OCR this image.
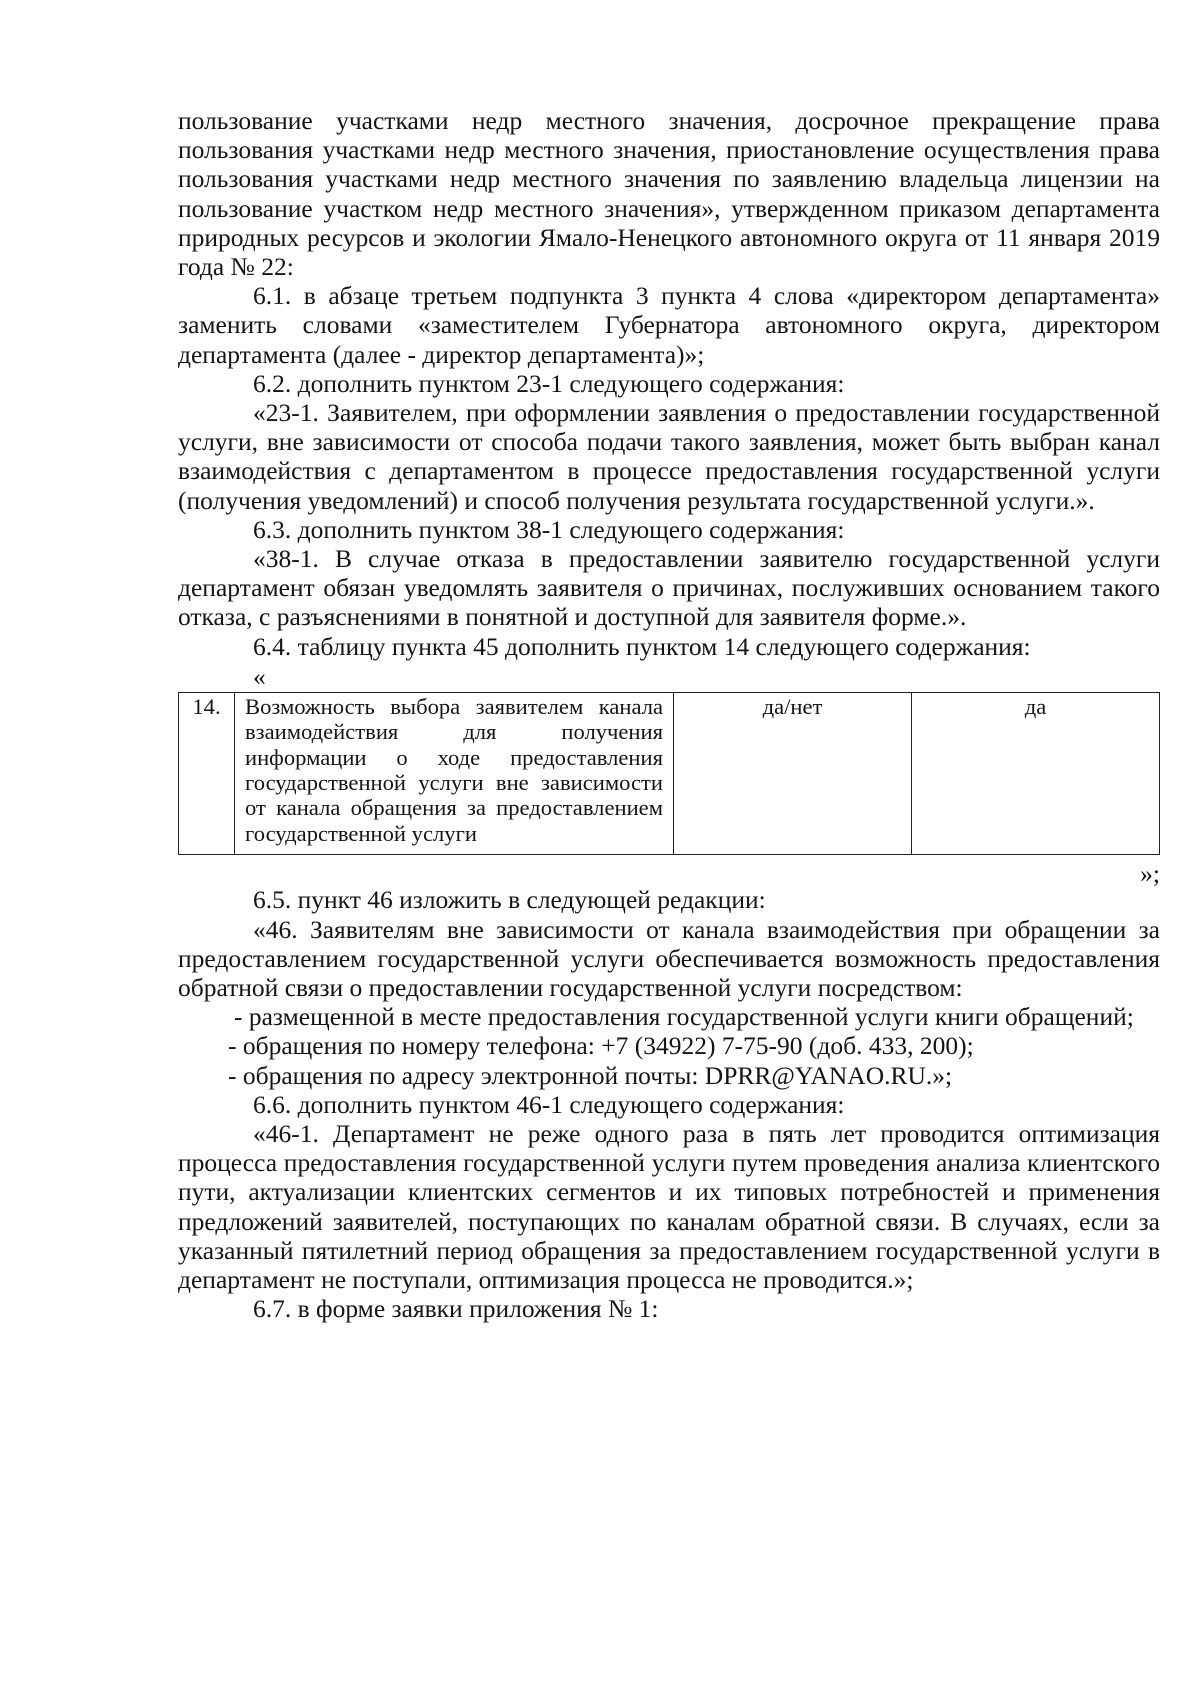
пользование участками недр местного значения, досрочное прекращение права пользования участками недр местного значения, приостановление осуществления права пользования участками недр местного значения по заявлению владельца лицензии на пользование участком недр местного значения», утвержденном приказом департамента природных ресурсов и экологии Ямало-Ненецкого автономного округа от 11 января 2019 года № 22:

6.1. в абзаце третьем подпункта 3 пункта 4 слова «директором департамента» заменить словами «заместителем Губернатора автономного округа, директором департамента (далее - директор департамента)»;

6.2. дополнить пунктом 23-1 следующего содержания:

«23-1. Заявителем, при оформлении заявления о предоставлении государственной услуги, вне зависимости от способа подачи такого заявления, может быть выбран канал взаимодействия с департаментом в процессе предоставления государственной услуги (получения уведомлений) и способ получения результата государственной услуги.».

6.3. дополнить пунктом 38-1 следующего содержания:

«38-1. В случае отказа в предоставлении заявителю государственной услуги департамент обязан уведомлять заявителя о причинах, послуживших основанием такого отказа, с разъяснениями в понятной и доступной для заявителя форме.».

6.4. таблицу пункта 45 дополнить пунктом 14 следующего содержания:

«
14.	Возможность выбора заявителем канала взаимодействия для получения информации о ходе предоставления государственной услуги вне зависимости от канала обращения за предоставлением государственной услуги	да/нет	да
»;

6.5. пункт 46 изложить в следующей редакции:

«46. Заявителям вне зависимости от канала взаимодействия при обращении за предоставлением государственной услуги обеспечивается возможность предоставления обратной связи о предоставлении государственной услуги посредством:

- размещенной в месте предоставления государственной услуги книги обращений;

- обращения по номеру телефона: +7 (34922) 7-75-90 (доб. 433, 200);

- обращения по адресу электронной почты: DPRR@YANAO.RU.»;

6.6. дополнить пунктом 46-1 следующего содержания:

«46-1. Департамент не реже одного раза в пять лет проводится оптимизация процесса предоставления государственной услуги путем проведения анализа клиентского пути, актуализации клиентских сегментов и их типовых потребностей и применения предложений заявителей, поступающих по каналам обратной связи. В случаях, если за указанный пятилетний период обращения за предоставлением государственной услуги в департамент не поступали, оптимизация процесса не проводится.»;

6.7. в форме заявки приложения № 1:
